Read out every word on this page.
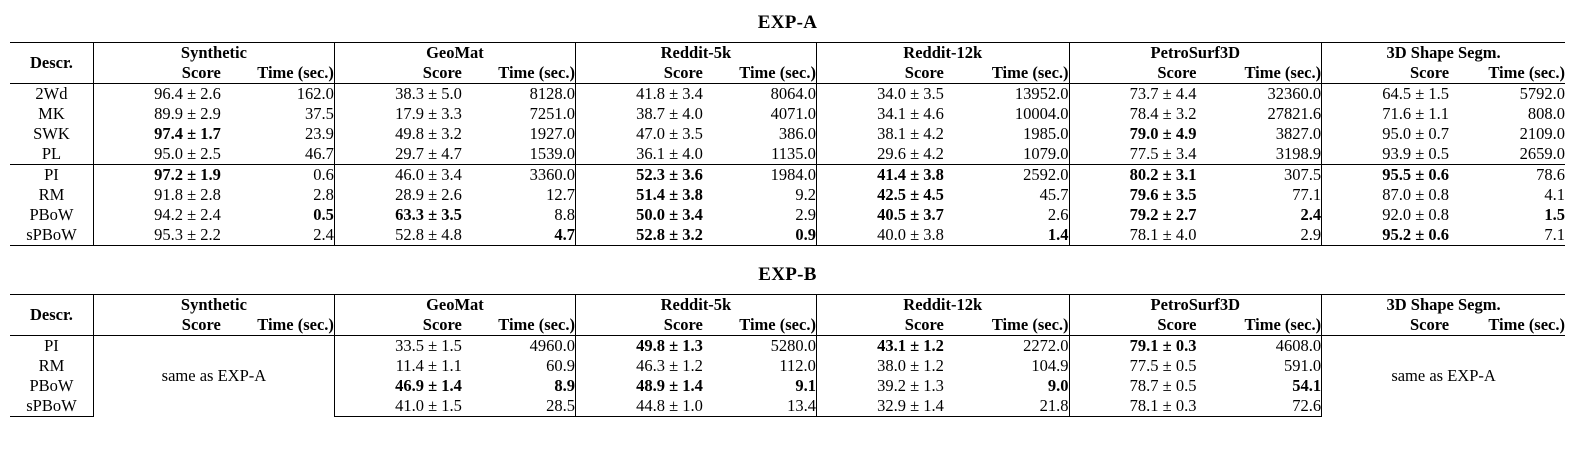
EXP-A
Descr.	Synthetic		GeoMat		Reddit-5k		Reddit-12k		PetroSurf3D		3D Shape Segm.	
	Score	Time (sec.)	Score	Time (sec.)	Score	Time (sec.)	Score	Time (sec.)	Score	Time (sec.)	Score	Time (sec.)
2Wd	96.4 ± 2.6	162.0	38.3 ± 5.0	8128.0	41.8 ± 3.4	8064.0	34.0 ± 3.5	13952.0	73.7 ± 4.4	32360.0	64.5 ± 1.5	5792.0
MK	89.9 ± 2.9	37.5	17.9 ± 3.3	7251.0	38.7 ± 4.0	4071.0	34.1 ± 4.6	10004.0	78.4 ± 3.2	27821.6	71.6 ± 1.1	808.0
SWK	97.4 ± 1.7	23.9	49.8 ± 3.2	1927.0	47.0 ± 3.5	386.0	38.1 ± 4.2	1985.0	79.0 ± 4.9	3827.0	95.0 ± 0.7	2109.0
PL	95.0 ± 2.5	46.7	29.7 ± 4.7	1539.0	36.1 ± 4.0	1135.0	29.6 ± 4.2	1079.0	77.5 ± 3.4	3198.9	93.9 ± 0.5	2659.0
PI	97.2 ± 1.9	0.6	46.0 ± 3.4	3360.0	52.3 ± 3.6	1984.0	41.4 ± 3.8	2592.0	80.2 ± 3.1	307.5	95.5 ± 0.6	78.6
RM	91.8 ± 2.8	2.8	28.9 ± 2.6	12.7	51.4 ± 3.8	9.2	42.5 ± 4.5	45.7	79.6 ± 3.5	77.1	87.0 ± 0.8	4.1
PBoW	94.2 ± 2.4	0.5	63.3 ± 3.5	8.8	50.0 ± 3.4	2.9	40.5 ± 3.7	2.6	79.2 ± 2.7	2.4	92.0 ± 0.8	1.5
sPBoW	95.3 ± 2.2	2.4	52.8 ± 4.8	4.7	52.8 ± 3.2	0.9	40.0 ± 3.8	1.4	78.1 ± 4.0	2.9	95.2 ± 0.6	7.1
EXP-B
Descr.	Synthetic		GeoMat		Reddit-5k		Reddit-12k		PetroSurf3D		3D Shape Segm.	
	Score	Time (sec.)	Score	Time (sec.)	Score	Time (sec.)	Score	Time (sec.)	Score	Time (sec.)	Score	Time (sec.)
PI	same as EXP-A		33.5 ± 1.5	4960.0	49.8 ± 1.3	5280.0	43.1 ± 1.2	2272.0	79.1 ± 0.3	4608.0	same as EXP-A	
RM			11.4 ± 1.1	60.9	46.3 ± 1.2	112.0	38.0 ± 1.2	104.9	77.5 ± 0.5	591.0		
PBoW			46.9 ± 1.4	8.9	48.9 ± 1.4	9.1	39.2 ± 1.3	9.0	78.7 ± 0.5	54.1		
sPBoW			41.0 ± 1.5	28.5	44.8 ± 1.0	13.4	32.9 ± 1.4	21.8	78.1 ± 0.3	72.6		
